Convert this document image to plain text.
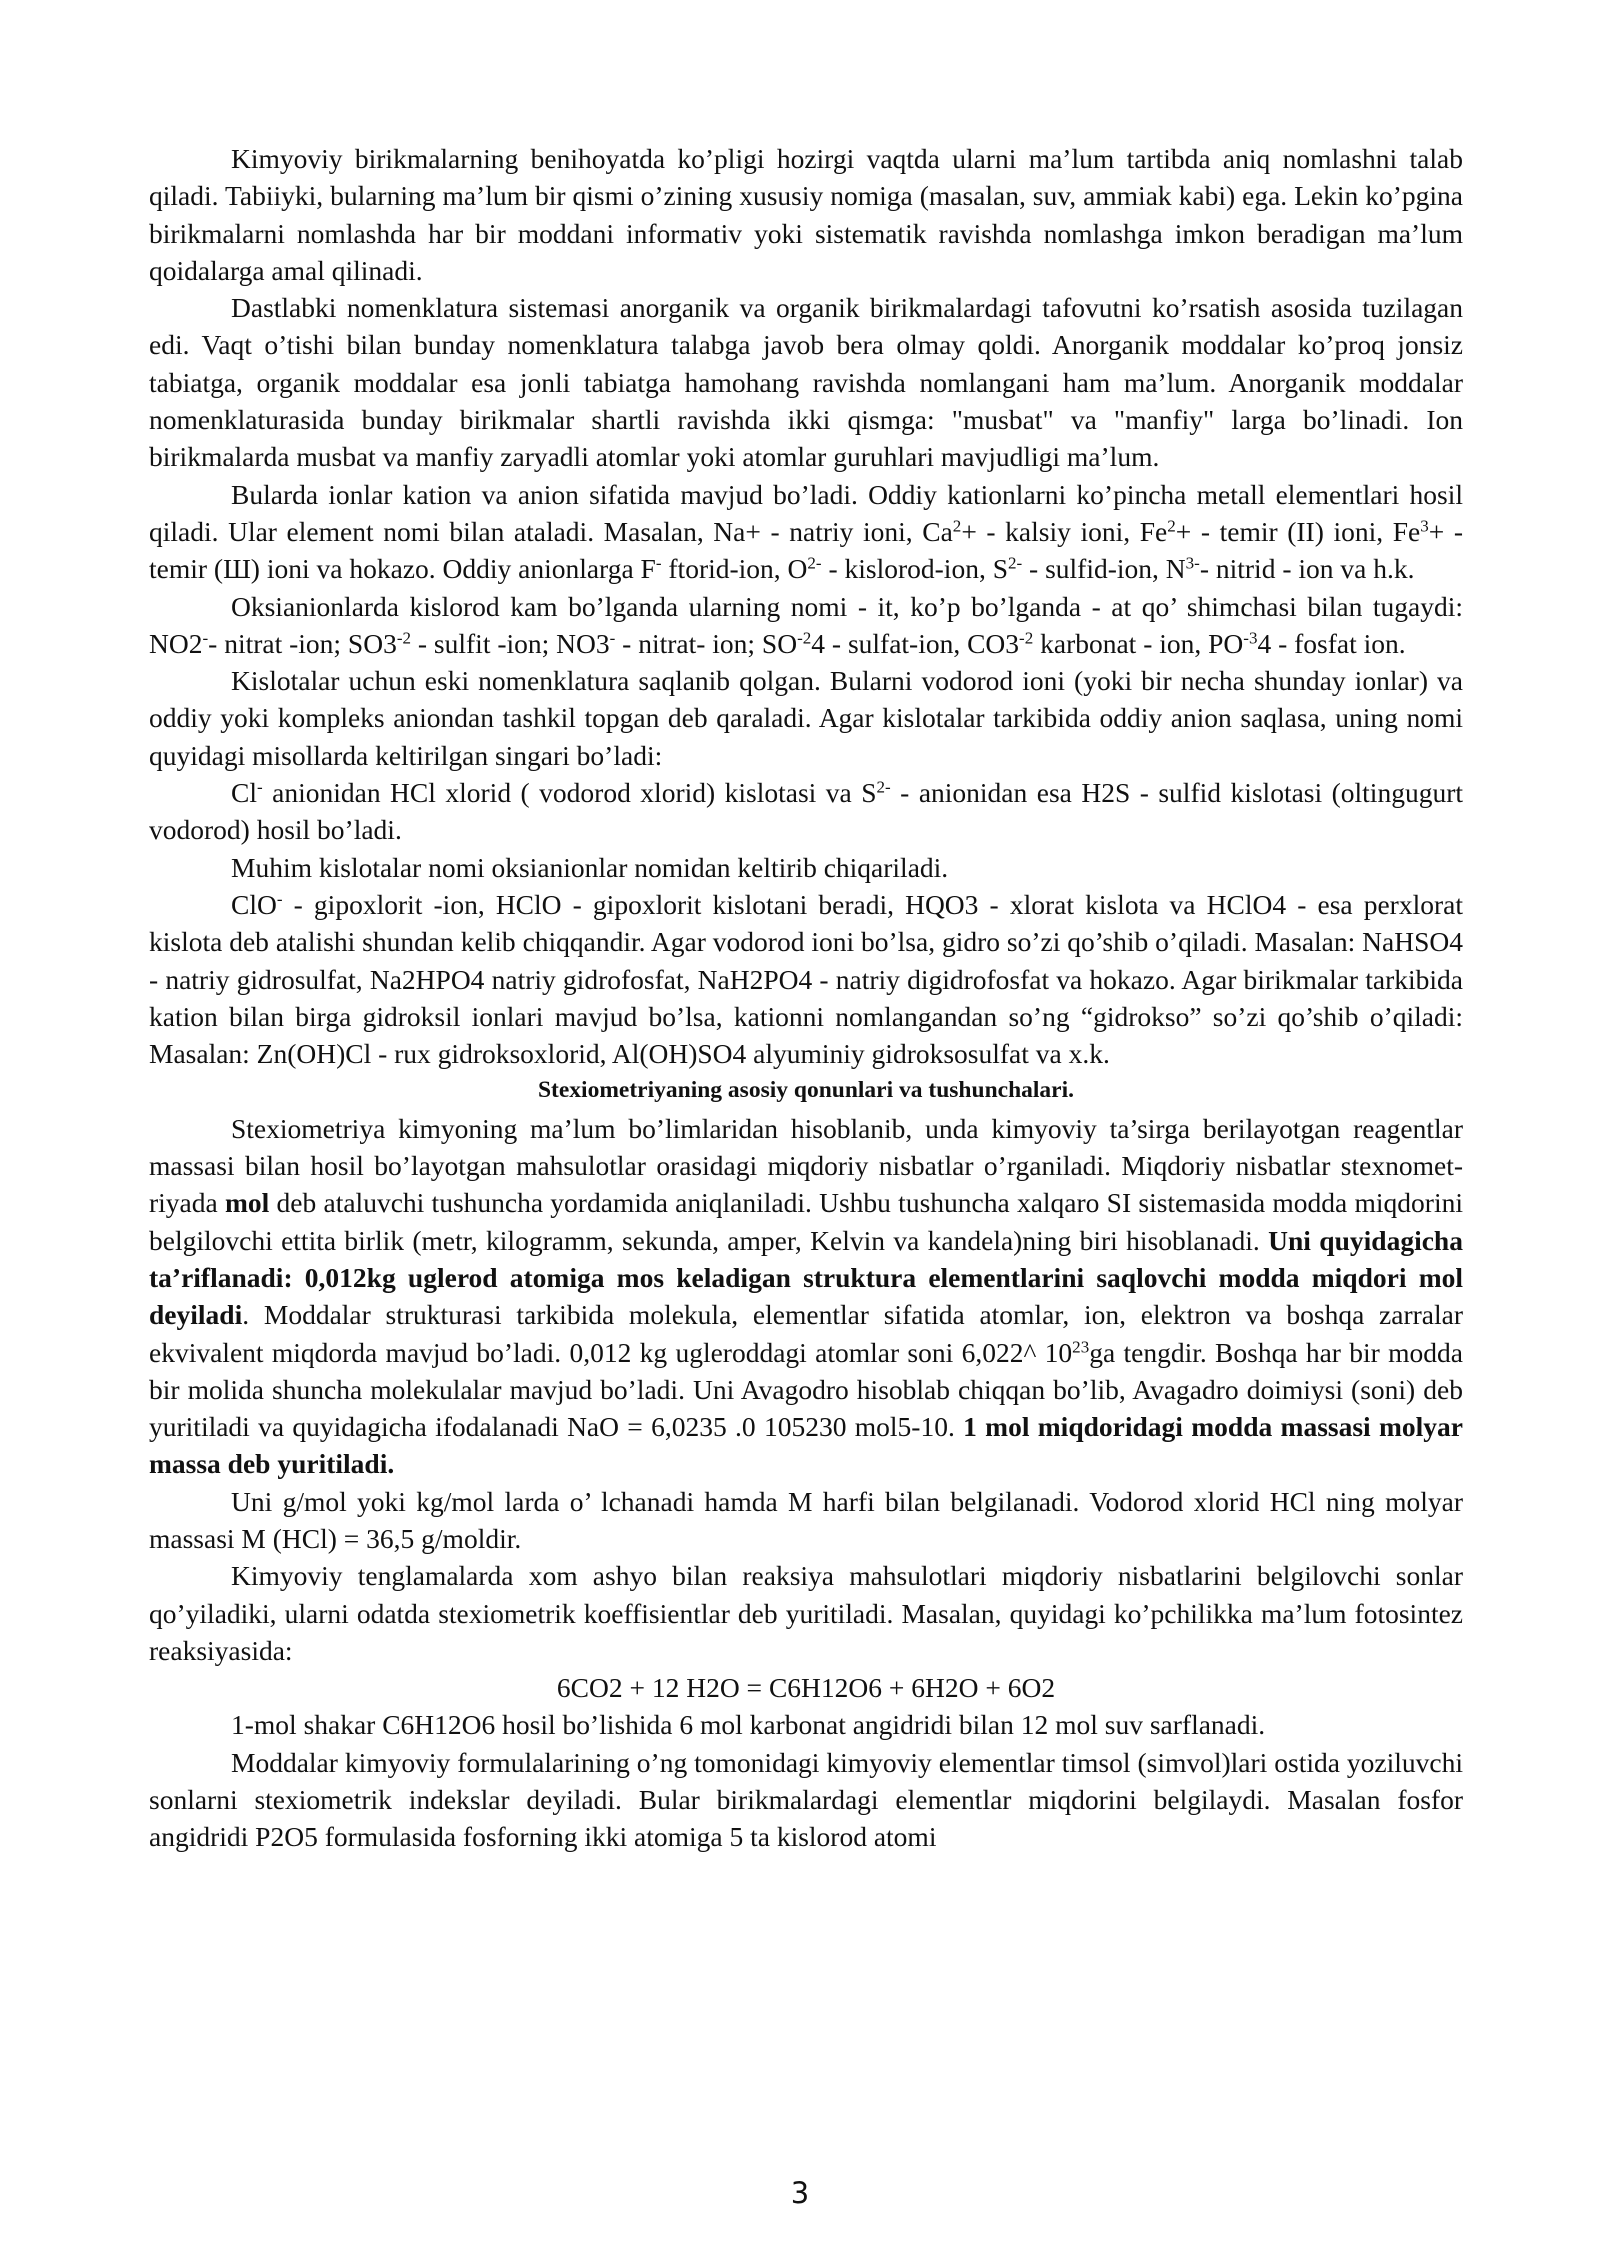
Kimyoviy birikmalarning benihoyatda ko’pligi hozirgi vaqtda ularni ma’lum tartibda aniq nomlashni talab qiladi. Tabiiyki, bularning ma’lum bir qismi o’zining xususiy nomiga (masalan, suv, ammiak kabi) ega. Lekin ko’pgina birikmalarni nomlashda har bir moddani informativ yoki sistematik ravishda nomlashga imkon beradigan ma’lum qoidalarga amal qilinadi.

Dastlabki nomenklatura sistemasi anorganik va organik birikmalardagi tafovutni ko’rsatish asosida tuzilagan edi. Vaqt o’tishi bilan bunday nomenklatura talabga javob bera olmay qoldi. Anorganik moddalar ko’proq jonsiz tabiatga, organik moddalar esa jonli tabiatga hamohang ravishda nomlangani ham ma’lum. Anorganik moddalar nomenklaturasida bunday birikmalar shartli ravishda ikki qismga: "musbat" va "manfiy" larga bo’linadi. Ion birikmalarda musbat va manfiy zaryadli atomlar yoki atomlar guruhlari mavjudligi ma’lum.

Bularda ionlar kation va anion sifatida mavjud bo’ladi. Oddiy kationlarni ko’pincha metall elementlari hosil qiladi. Ular element nomi bilan ataladi. Masalan, Na+ - natriy ioni, $Ca^2+$ - kalsiy ioni, $Fe^2+$ - temir (II) ioni, $Fe^3+$ - temir (Ш) ioni va hokazo. Oddiy anionlarga F- ftorid-ion, $O^{2-}$ - kislorod-ion, $S^{2-}$ - sulfid-ion, $N^{3-}-$ nitrid - ion va h.k.

Oksianionlarda kislorod kam bo’lganda ularning nomi - it, ko’p bo’lganda - at qo’ shimchasi bilan tugaydi: NO2-- nitrat -ion; $SO3^{-2}$ - sulfit -ion; NO3- - nitrat- ion; $SO^{-2}4$ - sulfat-ion, $CO3^{-2}$ karbonat - ion, $PO^{-3}4$ - fosfat ion.

Kislotalar uchun eski nomenklatura saqlanib qolgan. Bularni vodorod ioni (yoki bir necha shunday ionlar) va oddiy yoki kompleks aniondan tashkil topgan deb qaraladi. Agar kislotalar tarkibida oddiy anion saqlasa, uning nomi quyidagi misollarda keltirilgan singari bo’ladi:

Cl- anionidan HCl xlorid ( vodorod xlorid) kislotasi va $S^{2-}$ - anionidan esa H2S - sulfid kislotasi (oltingugurt vodorod) hosil bo’ladi.

Muhim kislotalar nomi oksianionlar nomidan keltirib chiqariladi.

ClO- - gipoxlorit -ion, HClO - gipoxlorit kislotani beradi, HQO3 - xlorat kislota va HClO4 - esa perxlorat kislota deb atalishi shundan kelib chiqqandir. Agar vodorod ioni bo’lsa, gidro so’zi qo’shib o’qiladi. Masalan: NaHSO4 - natriy gidrosulfat, Na2HPO4 natriy gidrofosfat, NaH2PO4 - natriy digidrofosfat va hokazo. Agar birikmalar tarkibida kation bilan birga gidroksil ionlari mavjud bo’lsa, kationni nomlangandan so’ng “gidrokso” so’zi qo’shib o’qiladi: Masalan: Zn(OH)Cl - rux gidroksoxlorid, Al(OH)SO4 alyuminiy gidroksosulfat va x.k.

Stexiometriyaning asosiy qonunlari va tushunchalari.

Stexiometriya kimyoning ma’lum bo’limlaridan hisoblanib, unda kimyoviy ta’sirga berilayotgan reagentlar massasi bilan hosil bo’layotgan mahsulotlar orasidagi miqdoriy nisbatlar o’rganiladi. Miqdoriy nisbatlar stexnomet-riyada mol deb ataluvchi tushuncha yordamida aniqlaniladi. Ushbu tushuncha xalqaro SI sistemasida modda miqdorini belgilovchi ettita birlik (metr, kilogramm, sekunda, amper, Kelvin va kandela)ning biri hisoblanadi. Uni quyidagicha ta’riflanadi: 0,012kg uglerod atomiga mos keladigan struktura elementlarini saqlovchi modda miqdori mol deyiladi. Moddalar strukturasi tarkibida molekula, elementlar sifatida atomlar, ion, elektron va boshqa zarralar ekvivalent miqdorda mavjud bo’ladi. 0,012 kg ugleroddagi atomlar soni 6,022^ $10^{23}ga$ tengdir. Boshqa har bir modda bir molida shuncha molekulalar mavjud bo’ladi. Uni Avagodro hisoblab chiqqan bo’lib, Avagadro doimiysi (soni) deb yuritiladi va quyidagicha ifodalanadi NaO = 6,0235 .0 105230 mol5-10. 1 mol miqdoridagi modda massasi molyar massa deb yuritiladi.

Uni g/mol yoki kg/mol larda o’ lchanadi hamda M harfi bilan belgilanadi. Vodorod xlorid HCl ning molyar massasi M (HCl) = 36,5 g/moldir.

Kimyoviy tenglamalarda xom ashyo bilan reaksiya mahsulotlari miqdoriy nisbatlarini belgilovchi sonlar qo’yiladiki, ularni odatda stexiometrik koeffisientlar deb yuritiladi. Masalan, quyidagi ko’pchilikka ma’lum fotosintez reaksiyasida:

6CO2 + 12 H2O = C6H12O6 + 6H2O + 6O2

1-mol shakar C6H12O6 hosil bo’lishida 6 mol karbonat angidridi bilan 12 mol suv sarflanadi.

Moddalar kimyoviy formulalarining o’ng tomonidagi kimyoviy elementlar timsol (simvol)lari ostida yoziluvchi sonlarni stexiometrik indekslar deyiladi. Bular birikmalardagi elementlar miqdorini belgilaydi. Masalan fosfor angidridi P2O5 formulasida fosforning ikki atomiga 5 ta kislorod atomi

3
